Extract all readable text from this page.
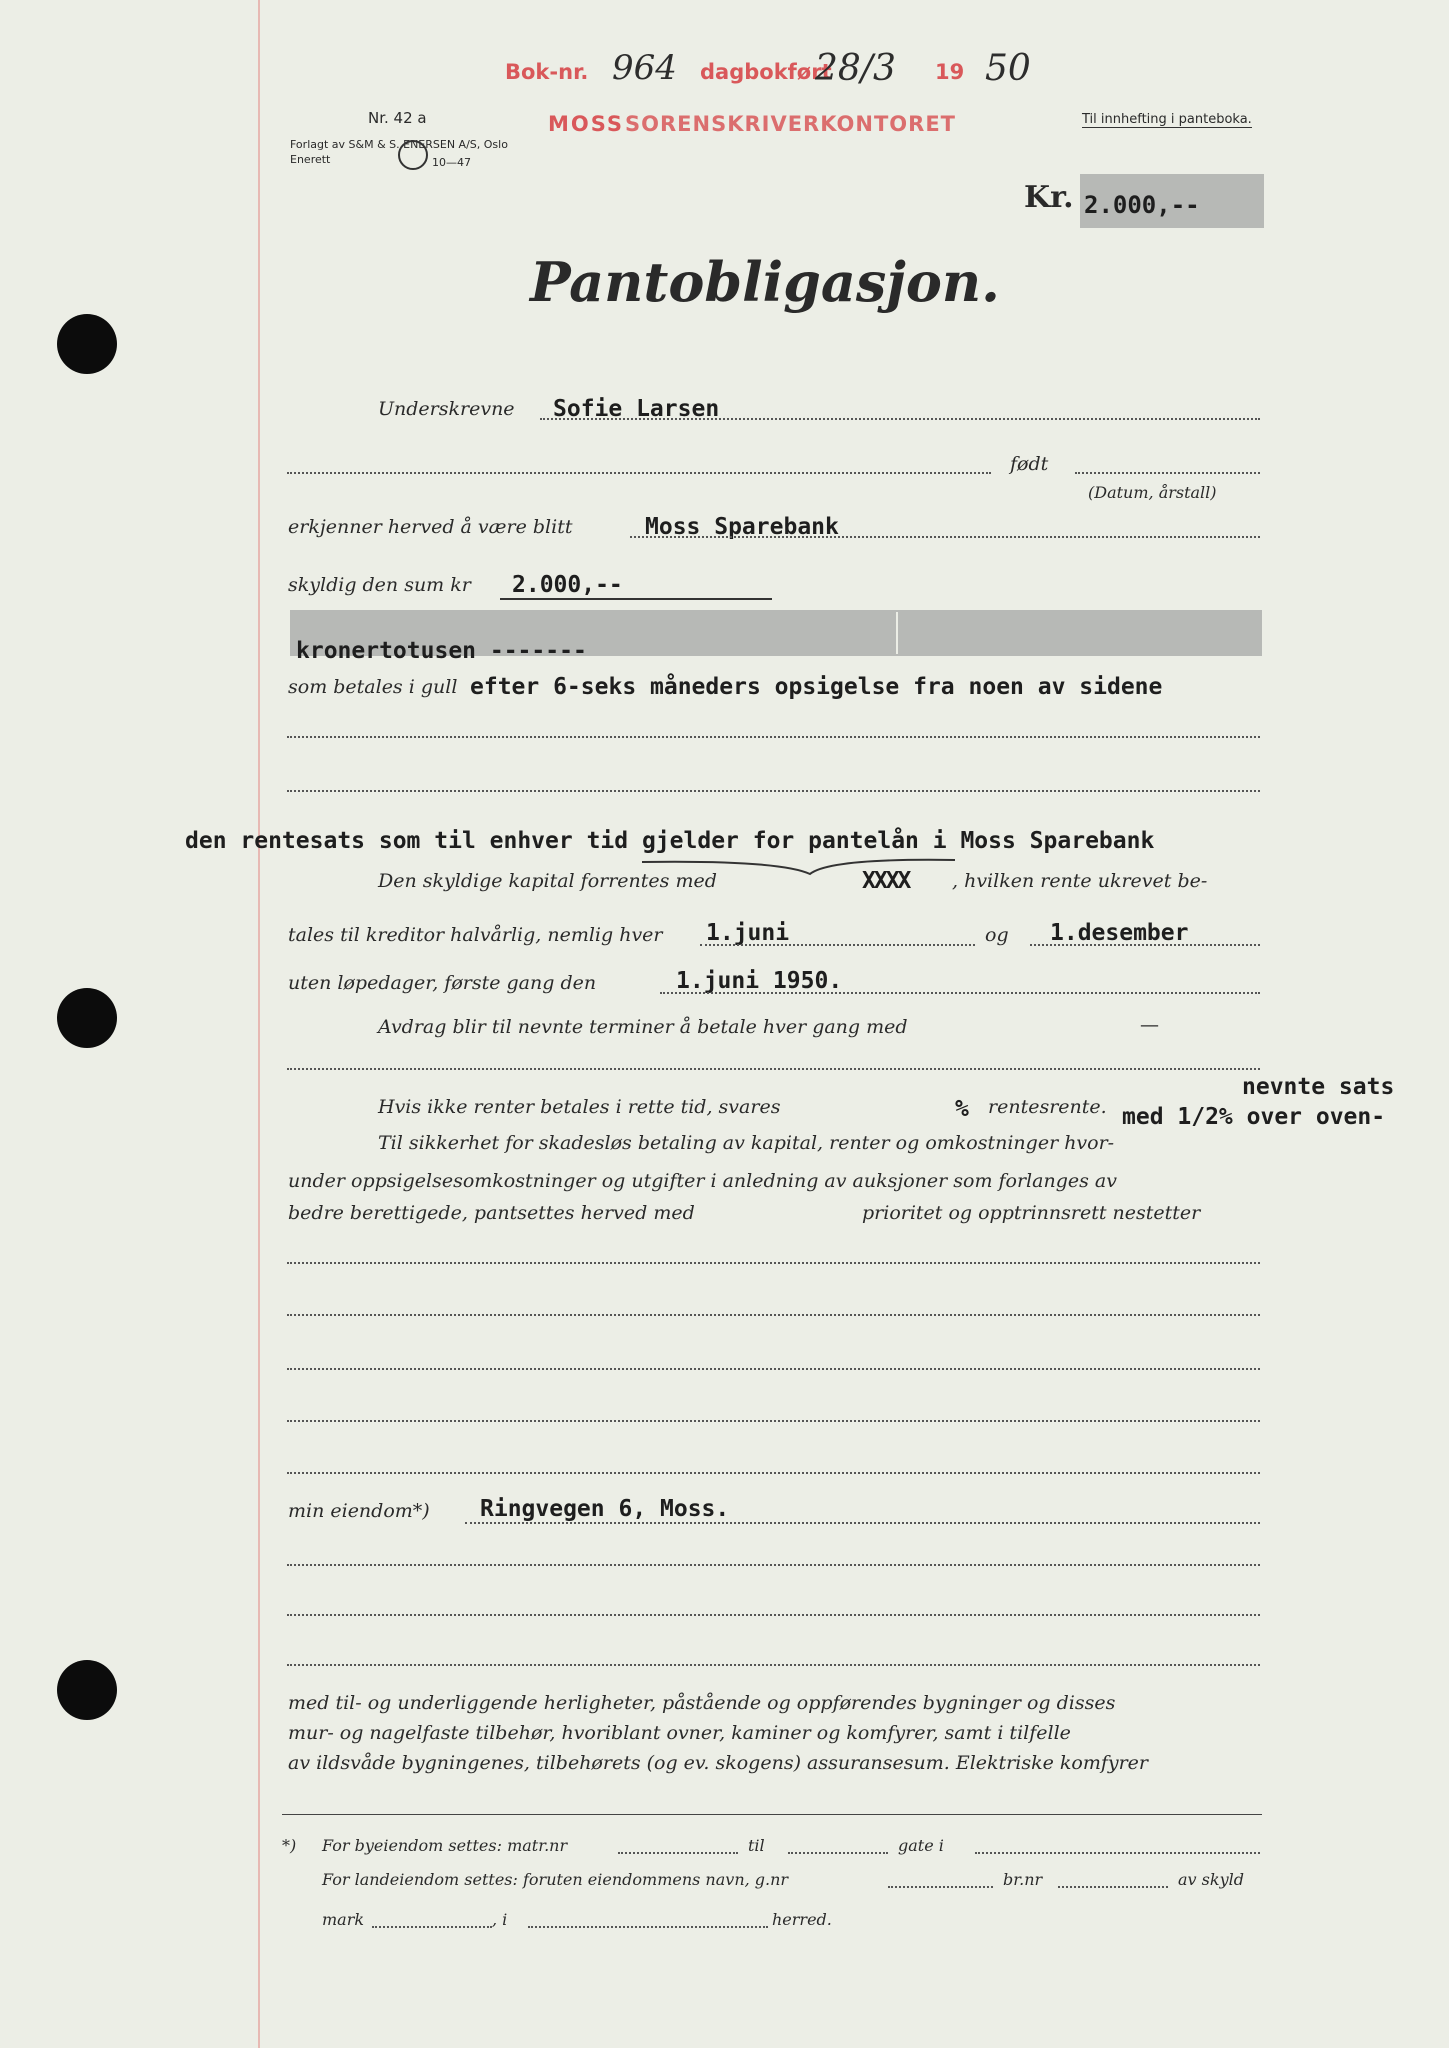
Bok-nr. 964 dagbokført
28/3 19 50
MOSS SORENSKRIVERKONTORET
Nr. 42 a
Forlagt av S&M & S. ENERSEN A/S, Oslo
Enerett	10—47
Til innhefting i panteboka.
Kr. 2.000,--
Pantobligasjon.
Underskrevne Sofie Larsen
født
(Datum, årstall)
erkjenner herved å være blitt	Moss Sparebank
skyldig den sum kr 2.000,--
kronertotusen -------
som betales i gull efter 6-seks måneders opsigelse fra noen av sidene
den rentesats som til enhver tid gjelder for pantelån i Moss Sparebank
Den skyldige kapital forrentes med	XXXX , hvilken rente ukrevet be-
tales til kreditor halvårlig, nemlig hver 1.juni	og 1.desember
uten løpedager, første gang den	1.juni 1950.
Avdrag blir til nevnte terminer å betale hver gang med	—
Hvis ikke renter betales i rette tid, svares	% rentesrente.
nevnte sats
med 1/2% over oven-
Til sikkerhet for skadesløs betaling av kapital, renter og omkostninger hvor-
under oppsigelsesomkostninger og utgifter i anledning av auksjoner som forlanges av
bedre berettigede, pantsettes herved med	prioritet og opptrinnsrett nestetter
min eiendom*) Ringvegen 6, Moss.
med til- og underliggende herligheter, påstående og oppførendes bygninger og disses
mur- og nagelfaste tilbehør, hvoriblant ovner, kaminer og komfyrer, samt i tilfelle
av ildsvåde bygningenes, tilbehørets (og ev. skogens) assuransesum. Elektriske komfyrer
*) For byeiendom settes: matr.nr	til	gate i
For landeiendom settes: foruten eiendommens navn, g.nr	br.nr	av skyld
mark	, i	herred.
